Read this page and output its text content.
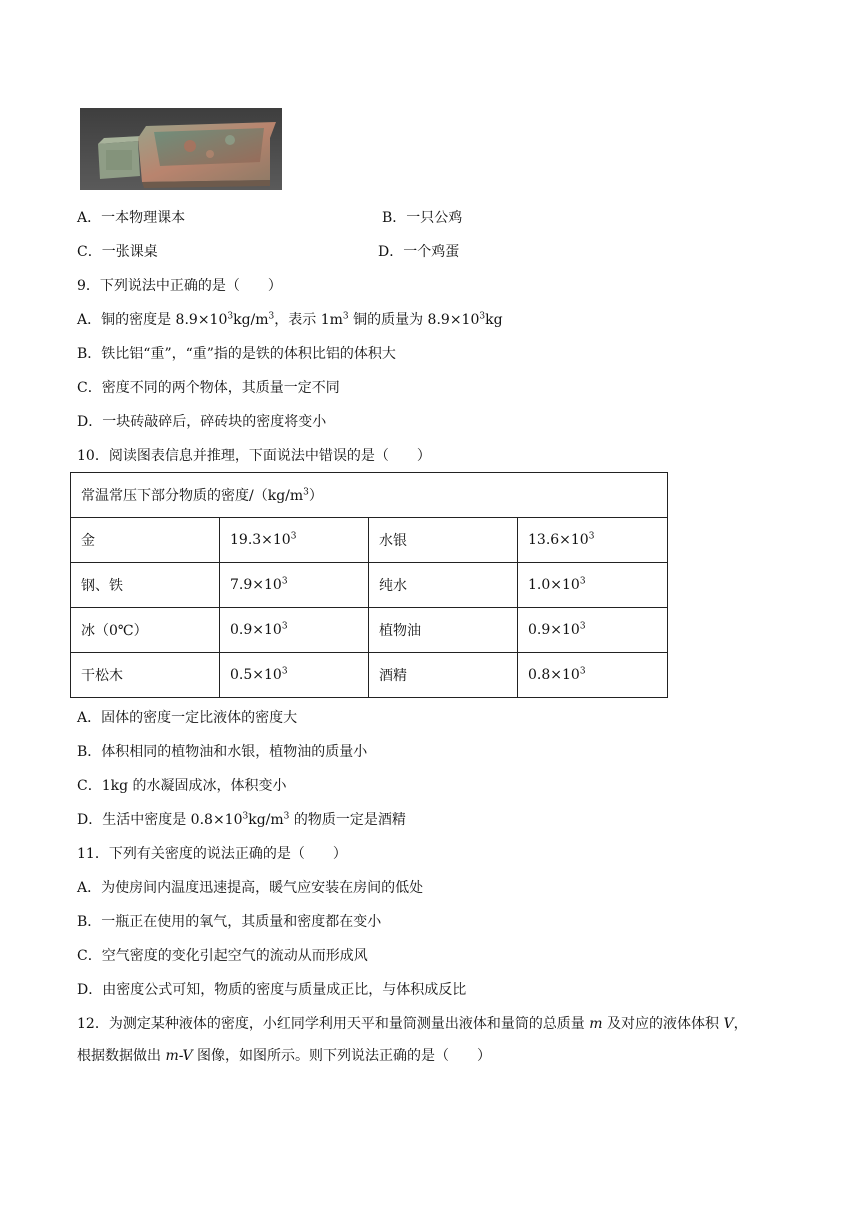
A．一本物理课本	B．一只公鸡
C．一张课桌	D．一个鸡蛋
9．下列说法中正确的是（　　）
A．铜的密度是 $8.9\times 10^3kg/m^3$，表示 $1m^3$ 铜的质量为 $8.9\times 10^3kg$
B．铁比铝“重”，“重”指的是铁的体积比铝的体积大
C．密度不同的两个物体，其质量一定不同
D．一块砖敲碎后，碎砖块的密度将变小
10．阅读图表信息并推理，下面说法中错误的是（　　）
常温常压下部分物质的密度$/(kg/m^3)$			
金	$19.3\times 10^3$	水银	$13.6\times 10^3$
钢、铁	$7.9\times 10^3$	纯水	$1.0\times 10^3$
冰（0℃）	$0.9\times 10^3$	植物油	$0.9\times 10^3$
干松木	$0.5\times 10^3$	酒精	$0.8\times 10^3$
A．固体的密度一定比液体的密度大
B．体积相同的植物油和水银，植物油的质量小
C．1kg 的水凝固成冰，体积变小
D．生活中密度是 $0.8\times 10^3kg/m^3$ 的物质一定是酒精
11．下列有关密度的说法正确的是（　　）
A．为使房间内温度迅速提高，暖气应安装在房间的低处
B．一瓶正在使用的氧气，其质量和密度都在变小
C．空气密度的变化引起空气的流动从而形成风
D．由密度公式可知，物质的密度与质量成正比，与体积成反比
12．为测定某种液体的密度，小红同学利用天平和量筒测量出液体和量筒的总质量 m 及对应的液体体积 V，
根据数据做出 m-V 图像，如图所示。则下列说法正确的是（　　）
